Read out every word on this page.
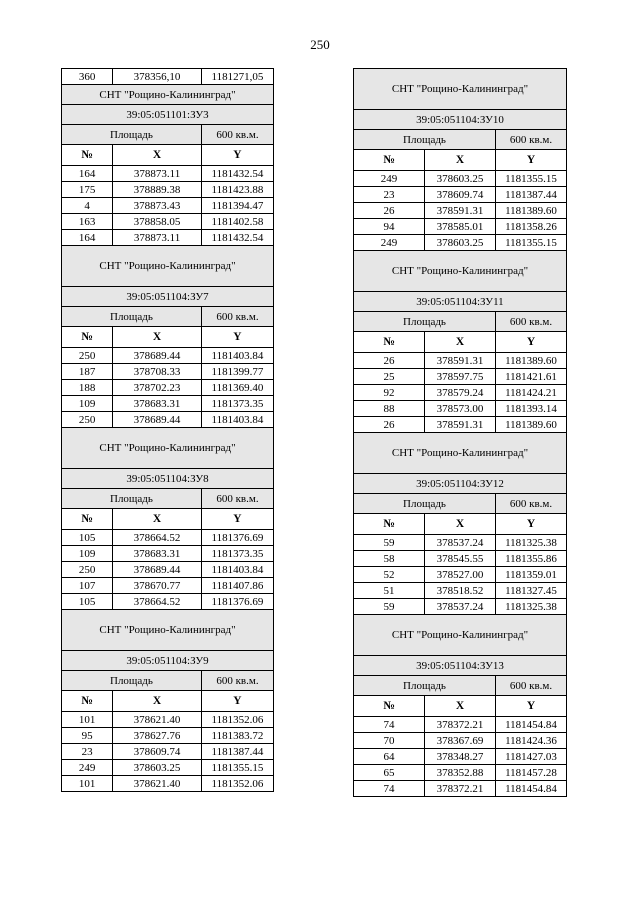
250
360	378356,10	1181271,05
СНТ "Рощино-Калининград"		
39:05:051101:ЗУ3		
Площадь		600 кв.м.
№	X	Y
164	378873.11	1181432.54
175	378889.38	1181423.88
4	378873.43	1181394.47
163	378858.05	1181402.58
164	378873.11	1181432.54
СНТ "Рощино-Калининград"		
39:05:051104:ЗУ7		
Площадь		600 кв.м.
№	X	Y
250	378689.44	1181403.84
187	378708.33	1181399.77
188	378702.23	1181369.40
109	378683.31	1181373.35
250	378689.44	1181403.84
СНТ "Рощино-Калининград"		
39:05:051104:ЗУ8		
Площадь		600 кв.м.
№	X	Y
105	378664.52	1181376.69
109	378683.31	1181373.35
250	378689.44	1181403.84
107	378670.77	1181407.86
105	378664.52	1181376.69
СНТ "Рощино-Калининград"		
39:05:051104:ЗУ9		
Площадь		600 кв.м.
№	X	Y
101	378621.40	1181352.06
95	378627.76	1181383.72
23	378609.74	1181387.44
249	378603.25	1181355.15
101	378621.40	1181352.06
СНТ "Рощино-Калининград"		
39:05:051104:ЗУ10		
Площадь		600 кв.м.
№	X	Y
249	378603.25	1181355.15
23	378609.74	1181387.44
26	378591.31	1181389.60
94	378585.01	1181358.26
249	378603.25	1181355.15
СНТ "Рощино-Калининград"		
39:05:051104:ЗУ11		
Площадь		600 кв.м.
№	X	Y
26	378591.31	1181389.60
25	378597.75	1181421.61
92	378579.24	1181424.21
88	378573.00	1181393.14
26	378591.31	1181389.60
СНТ "Рощино-Калининград"		
39:05:051104:ЗУ12		
Площадь		600 кв.м.
№	X	Y
59	378537.24	1181325.38
58	378545.55	1181355.86
52	378527.00	1181359.01
51	378518.52	1181327.45
59	378537.24	1181325.38
СНТ "Рощино-Калининград"		
39:05:051104:ЗУ13		
Площадь		600 кв.м.
№	X	Y
74	378372.21	1181454.84
70	378367.69	1181424.36
64	378348.27	1181427.03
65	378352.88	1181457.28
74	378372.21	1181454.84
